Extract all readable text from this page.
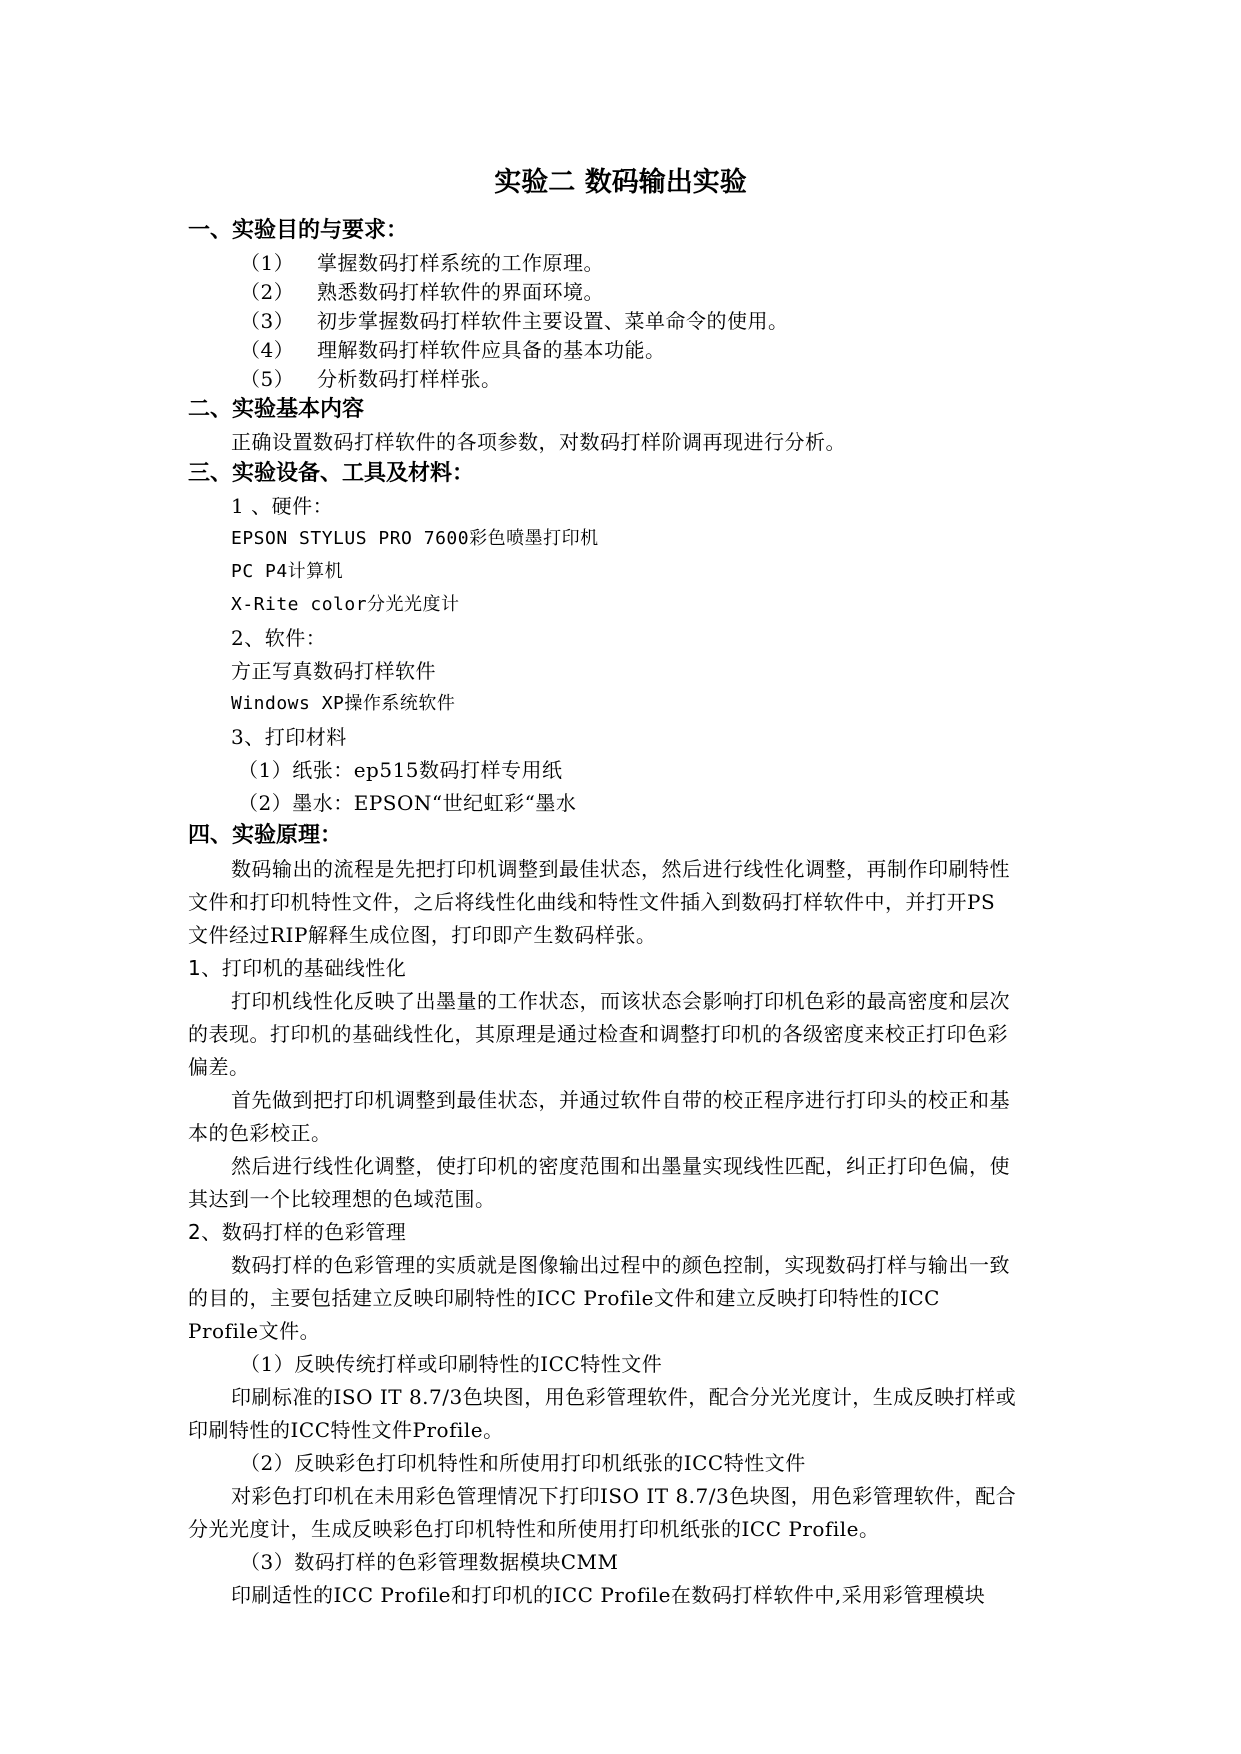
实验二 数码输出实验
一、实验目的与要求：
（1） 掌握数码打样系统的工作原理。
（2） 熟悉数码打样软件的界面环境。
（3） 初步掌握数码打样软件主要设置、菜单命令的使用。
（4） 理解数码打样软件应具备的基本功能。
（5） 分析数码打样样张。
二、实验基本内容
正确设置数码打样软件的各项参数，对数码打样阶调再现进行分析。
三、实验设备、工具及材料：
1 、硬件：
EPSON STYLUS PRO 7600彩色喷墨打印机
PC P4计算机
X-Rite color分光光度计
2、软件：
方正写真数码打样软件
Windows XP操作系统软件
3、打印材料
（1）纸张：ep515数码打样专用纸
（2）墨水：EPSON“世纪虹彩“墨水
四、实验原理：
数码输出的流程是先把打印机调整到最佳状态，然后进行线性化调整，再制作印刷特性
文件和打印机特性文件，之后将线性化曲线和特性文件插入到数码打样软件中，并打开PS
文件经过RIP解释生成位图，打印即产生数码样张。
1、打印机的基础线性化
打印机线性化反映了出墨量的工作状态，而该状态会影响打印机色彩的最高密度和层次
的表现。打印机的基础线性化，其原理是通过检查和调整打印机的各级密度来校正打印色彩
偏差。
首先做到把打印机调整到最佳状态，并通过软件自带的校正程序进行打印头的校正和基
本的色彩校正。
然后进行线性化调整，使打印机的密度范围和出墨量实现线性匹配，纠正打印色偏，使
其达到一个比较理想的色域范围。
2、数码打样的色彩管理
数码打样的色彩管理的实质就是图像输出过程中的颜色控制，实现数码打样与输出一致
的目的，主要包括建立反映印刷特性的ICC Profile文件和建立反映打印特性的ICC
Profile文件。
（1）反映传统打样或印刷特性的ICC特性文件
印刷标准的ISO IT 8.7/3色块图，用色彩管理软件，配合分光光度计，生成反映打样或
印刷特性的ICC特性文件Profile。
（2）反映彩色打印机特性和所使用打印机纸张的ICC特性文件
对彩色打印机在未用彩色管理情况下打印ISO IT 8.7/3色块图，用色彩管理软件，配合
分光光度计，生成反映彩色打印机特性和所使用打印机纸张的ICC Profile。
（3）数码打样的色彩管理数据模块CMM
印刷适性的ICC Profile和打印机的ICC Profile在数码打样软件中,采用彩管理模块
